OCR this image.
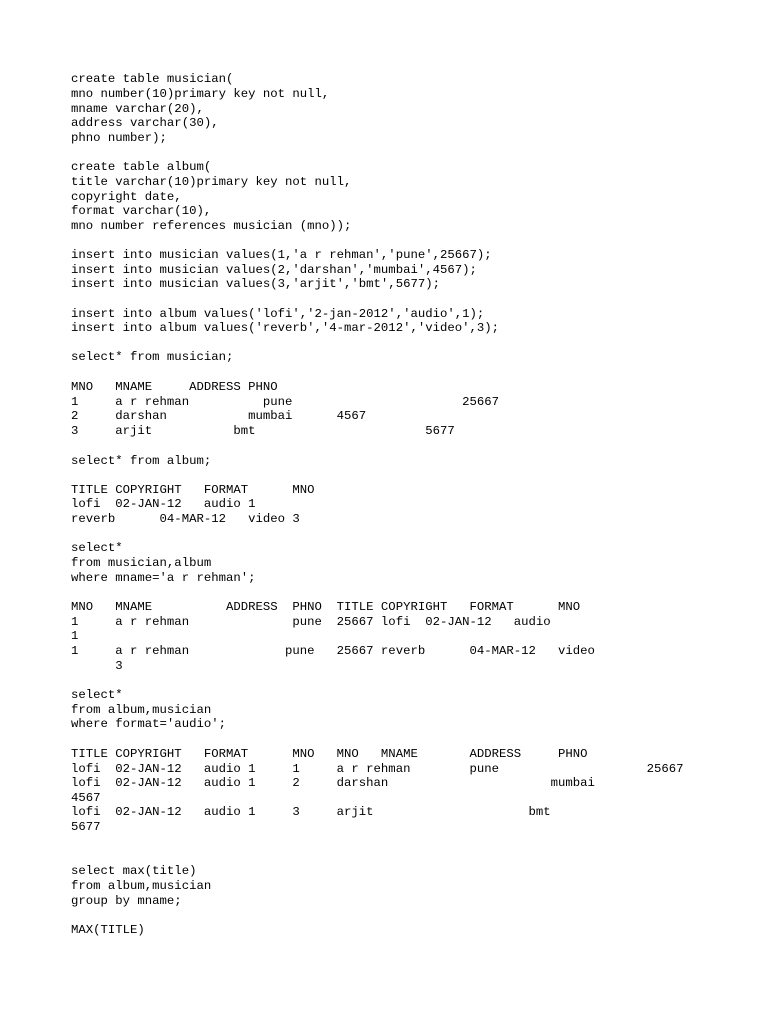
create table musician(

mno number(10)primary key not null,

mname varchar(20),

address varchar(30),

phno number);

create table album(

title varchar(10)primary key not null,

copyright date,

format varchar(10),

mno number references musician (mno));

insert into musician values(1,'a r rehman','pune',25667);

insert into musician values(2,'darshan','mumbai',4567);

insert into musician values(3,'arjit','bmt',5677);

insert into album values('lofi','2-jan-2012','audio',1);

insert into album values('reverb','4-mar-2012','video',3);

select* from musician;

MNO   MNAME     ADDRESS PHNO

1     a r rehman          pune                       25667

2     darshan           mumbai      4567

3     arjit           bmt                       5677

select* from album;

TITLE COPYRIGHT   FORMAT      MNO

lofi  02-JAN-12   audio 1

reverb      04-MAR-12   video 3

select*

from musician,album

where mname='a r rehman';

MNO   MNAME          ADDRESS  PHNO  TITLE COPYRIGHT   FORMAT      MNO

1     a r rehman              pune  25667 lofi  02-JAN-12   audio

1

1     a r rehman             pune   25667 reverb      04-MAR-12   video

3

select*

from album,musician

where format='audio';

TITLE COPYRIGHT   FORMAT      MNO   MNO   MNAME       ADDRESS     PHNO

lofi  02-JAN-12   audio 1     1     a r rehman        pune                    25667

lofi  02-JAN-12   audio 1     2     darshan                      mumbai

4567

lofi  02-JAN-12   audio 1     3     arjit                     bmt

5677

select max(title)

from album,musician

group by mname;

MAX(TITLE)
